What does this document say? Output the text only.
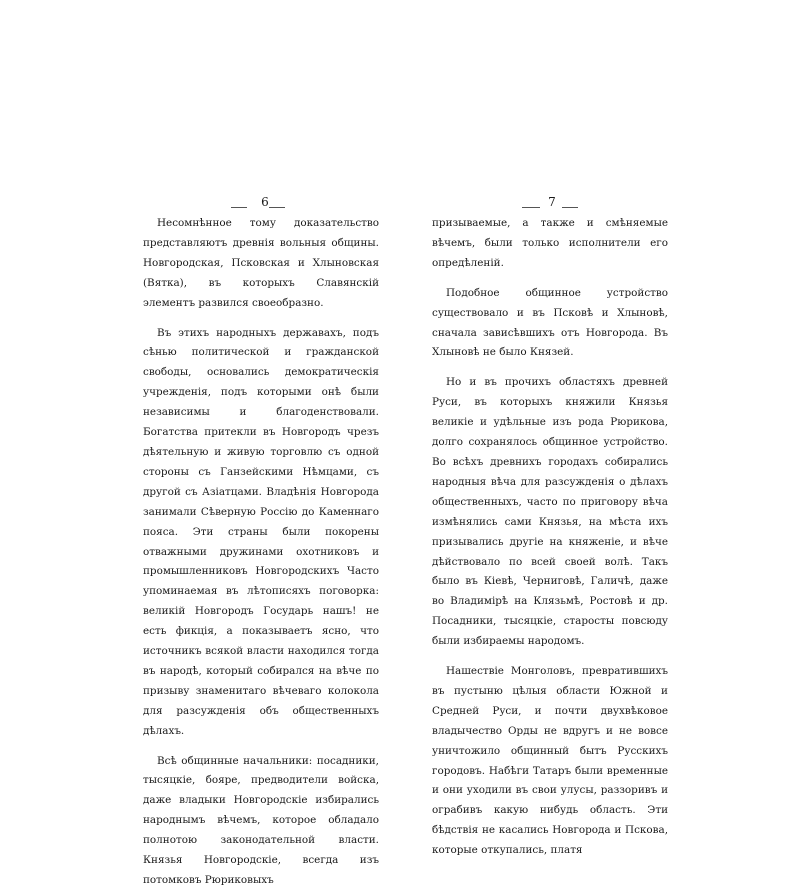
6

Несомнѣнное тому доказательство представляютъ древнія вольныя общины. Новгородская, Псковская и Хлыновская (Вятка), въ которыхъ Славянскій элементъ развился своеобразно.

Въ этихъ народныхъ державахъ, подъ сѣнью политической и гражданской свободы, основались демократическія учрежденія, подъ которыми онѣ были независимы и благоденствовали. Богатства притекли въ Новгородъ чрезъ дѣятельную и живую торговлю съ одной стороны съ Ганзейскими Нѣмцами, съ другой съ Азіатцами. Владѣнія Новгорода занимали Сѣверную Россію до Каменнаго пояса. Эти страны были покорены отважными дружинами охотниковъ и промышленниковъ Новгородскихъ Часто упоминаемая въ лѣтописяхъ поговорка: великій Новгородъ Государь нашъ! не есть фикція, а показываетъ ясно, что источникъ всякой власти находился тогда въ народѣ, который собирался на вѣче по призыву знаменитаго вѣчеваго колокола для разсужденія объ общественныхъ дѣлахъ.

Всѣ общинные начальники: посадники, тысяцкіе, бояре, предводители войска, даже владыки Новгородскіе избирались народнымъ вѣчемъ, которое обладало полнотою законодательной власти. Князья Новгородскіе, всегда изъ потомковъ Рюриковыхъ

7

призываемые, а также и смѣняемые вѣчемъ, были только исполнители его опредѣленій.

Подобное общинное устройство существовало и въ Псковѣ и Хлыновѣ, сначала зависѣвшихъ отъ Новгорода. Въ Хлыновѣ не было Князей.

Но и въ прочихъ областяхъ древней Руси, въ которыхъ княжили Князья великіе и удѣльные изъ рода Рюрикова, долго сохранялось общинное устройство. Во всѣхъ древнихъ городахъ собирались народныя вѣча для разсужденія о дѣлахъ общественныхъ, часто по приговору вѣча измѣнялись сами Князья, на мѣста ихъ призывались другіе на княженіе, и вѣче дѣйствовало по всей своей волѣ. Такъ было въ Кіевѣ, Черниговѣ, Галичѣ, даже во Владимірѣ на Клязьмѣ, Ростовѣ и др. Посадники, тысяцкіе, старосты повсюду были избираемы народомъ.

Нашествіе Монголовъ, превратившихъ въ пустыню цѣлыя области Южной и Средней Руси, и почти двухвѣковое владычество Орды не вдругъ и не вовсе уничтожило общинный бытъ Русскихъ городовъ. Набѣги Татаръ были временные и они уходили въ свои улусы, раззоривъ и ограбивъ какую нибудь область. Эти бѣдствія не касались Новгорода и Пскова, которые откупались, платя
